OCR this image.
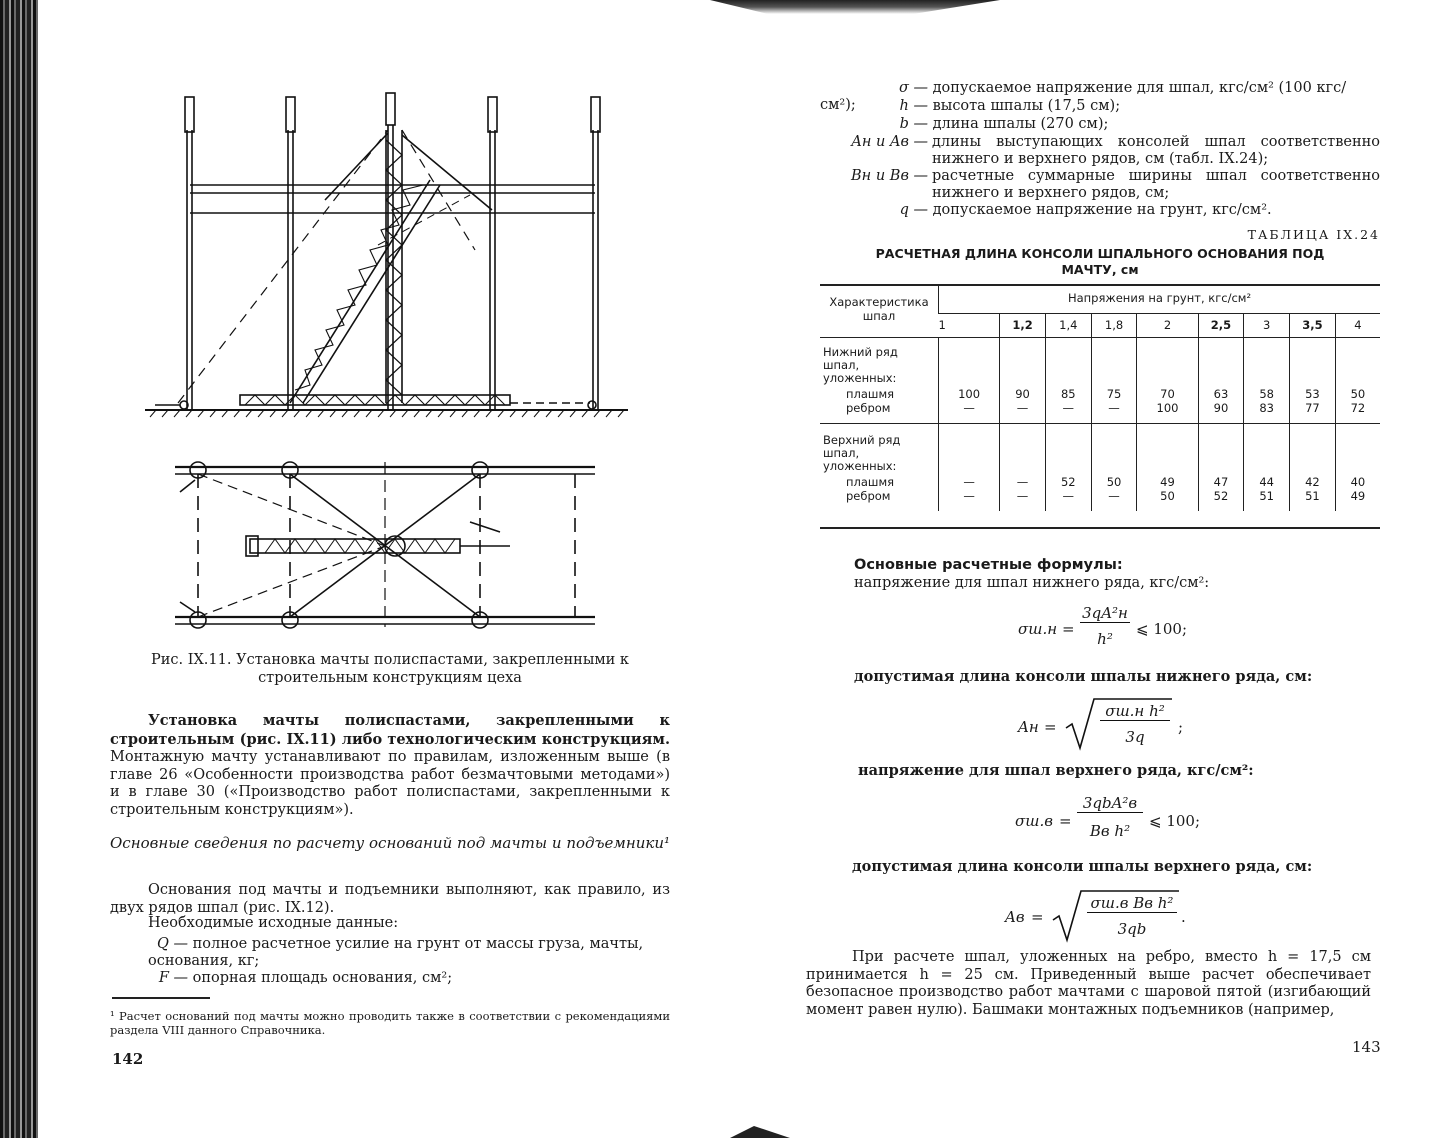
Рис. IX.11. Установка мачты полиспастами, закрепленными к строительным конструкциям цеха
Установка мачты полиспастами, закрепленными к строительным (рис. IX.11) либо технологическим конструкциям. Монтажную мачту устанавливают по правилам, изложенным выше (в главе 26 «Особенности производства работ безмачтовыми методами») и в главе 30 («Производство работ полиспастами, закрепленными к строительным конструкциям»).
Основные сведения по расчету оснований под мачты и подъемники¹
Основания под мачты и подъемники выполняют, как правило, из двух рядов шпал (рис. IX.12).
Необходимые исходные данные:
Q — полное расчетное усилие на грунт от массы груза, мачты, основания, кг;
F — опорная площадь основания, см²;
¹ Расчет оснований под мачты можно проводить также в соответствии с рекомендациями раздела VIII данного Справочника.
142
σ — допускаемое напряжение для шпал, кгс/см² (100 кгс/см²);	h — высота шпалы (17,5 см);
b — длина шпалы (270 см);
Aн и Aв — длины выступающих консолей шпал соответственно нижнего и верхнего рядов, см (табл. IX.24);
Bн и Bв — расчетные суммарные ширины шпал соответственно нижнего и верхнего рядов, см;
q — допускаемое напряжение на грунт, кгс/см².
ТАБЛИЦА IX.24
РАСЧЕТНАЯ ДЛИНА КОНСОЛИ ШПАЛЬНОГО ОСНОВАНИЯ ПОД МАЧТУ, см
Характеристика шпал	Напряжения на грунт, кгс/см²								
	1	1,2	1,4	1,8	2	2,5	3	3,5	4
Нижний ряд шпал, уложенных:									
плашмя	100	90	85	75	70	63	58	53	50
ребром	—	—	—	—	100	90	83	77	72

Верхний ряд шпал, уложенных:									
плашмя	—	—	52	50	49	47	44	42	40
ребром	—	—	—	—	50	52	51	51	49
Основные расчетные формулы:
напряжение для шпал нижнего ряда, кгс/см²:
σш.н =
3qA²н
h²
⩽ 100;
допустимая длина консоли шпалы нижнего ряда, см:
Aн =
σш.н h²
3q
;
напряжение для шпал верхнего ряда, кгс/см²:
σш.в =
3qbA²в
Bв h²
⩽ 100;
допустимая длина консоли шпалы верхнего ряда, см:
Aв =
σш.в Bв h²
3qb
.
При расчете шпал, уложенных на ребро, вместо h = 17,5 см принимается h = 25 см. Приведенный выше расчет обеспечивает безопасное производство работ мачтами с шаровой пятой (изгибающий момент равен нулю). Башмаки монтажных подъемников (например,
143
